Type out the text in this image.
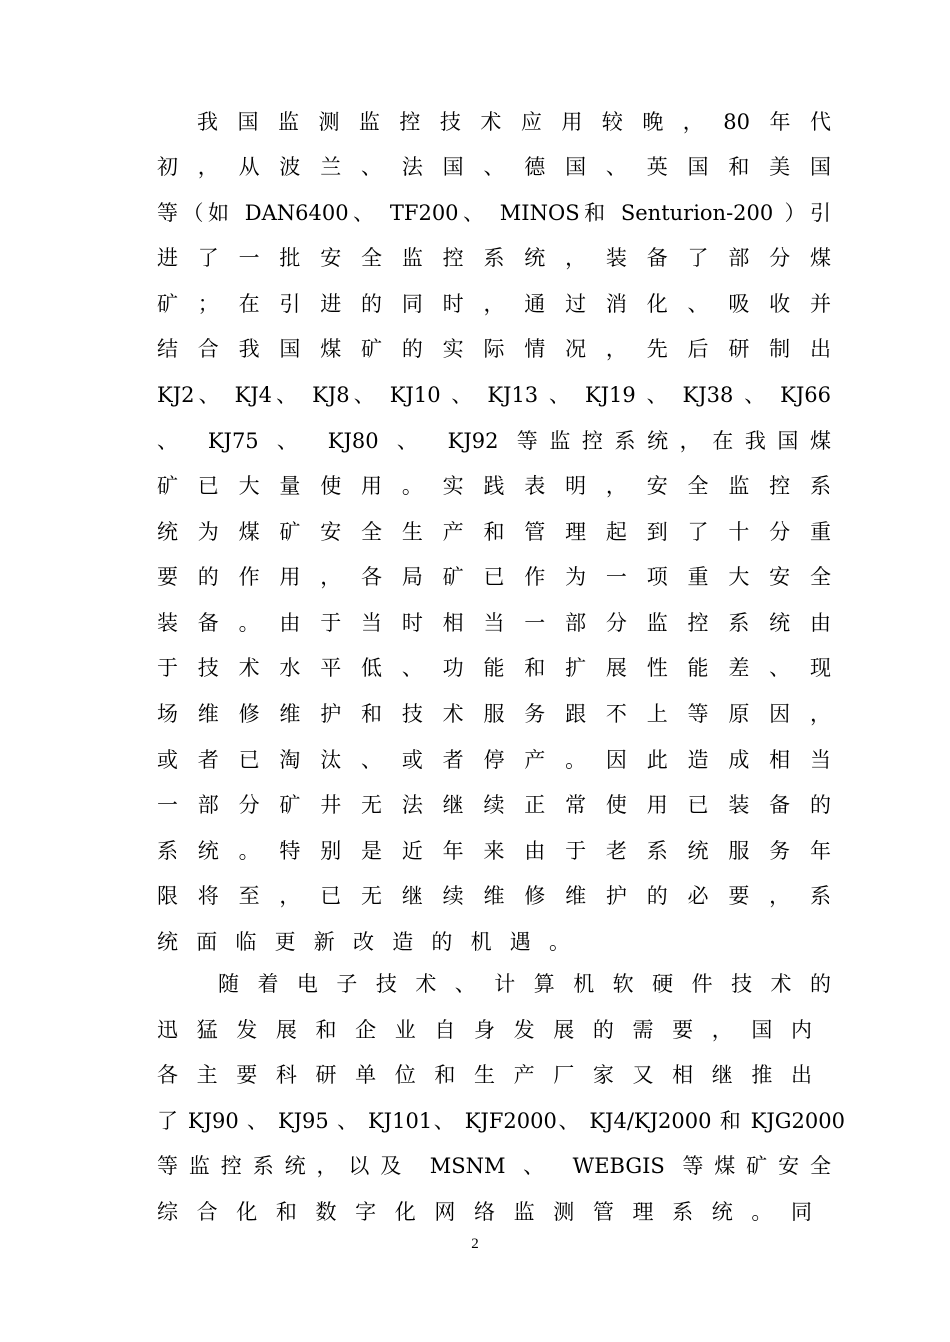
我国监测监控技术应用较晚，80年代
初，从波兰、法国、德国、英国和美国
等（如 DAN6400、 TF200、 MINOS和 Senturion-200 ）引
进了一批安全监控系统，装备了部分煤
矿；在引进的同时，通过消化、吸收并
结合我国煤矿的实际情况，先后研制出
KJ2、 KJ4、 KJ8、 KJ10 、 KJ13 、 KJ19 、 KJ38 、 KJ66
、 KJ75 、 KJ80 、 KJ92 等监控系统，在我国煤
矿已大量使用。实践表明，安全监控系
统为煤矿安全生产和管理起到了十分重
要的作用，各局矿已作为一项重大安全
装备。由于当时相当一部分监控系统由
于技术水平低、功能和扩展性能差、现
场维修维护和技术服务跟不上等原因，
或者已淘汰、或者停产。因此造成相当
一部分矿井无法继续正常使用已装备的
系统。特别是近年来由于老系统服务年
限将至，已无继续维修维护的必要，系
统面临更新改造的机遇。
随着电子技术、计算机软硬件技术的
迅猛发展和企业自身发展的需要，国内
各主要科研单位和生产厂家又相继推出
了 KJ90 、 KJ95 、 KJ101、 KJF2000、 KJ4/KJ2000 和 KJG2000
等监控系统，以及 MSNM 、 WEBGIS 等煤矿安全
综合化和数字化网络监测管理系统。同
2
